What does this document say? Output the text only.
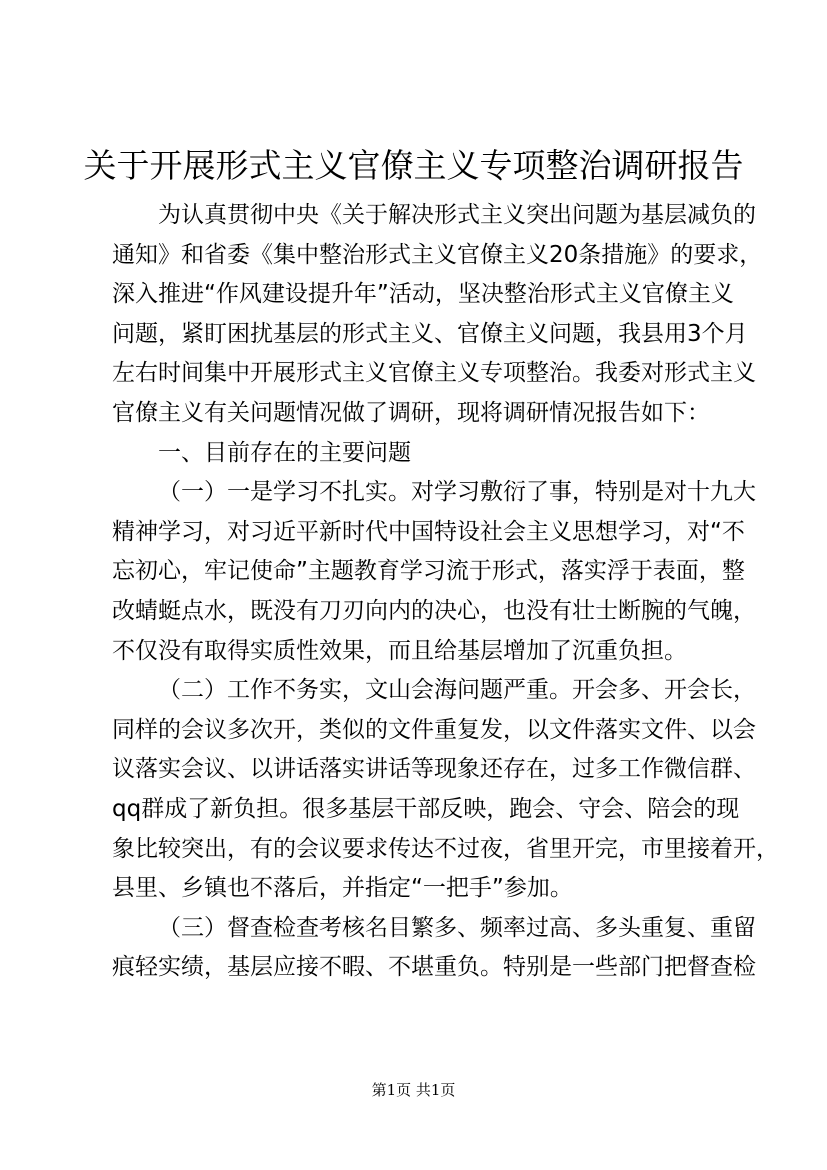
关于开展形式主义官僚主义专项整治调研报告
为认真贯彻中央《关于解决形式主义突出问题为基层减负的
通知》和省委《集中整治形式主义官僚主义20条措施》的要求，
深入推进“作风建设提升年”活动，坚决整治形式主义官僚主义
问题，紧盯困扰基层的形式主义、官僚主义问题，我县用3个月
左右时间集中开展形式主义官僚主义专项整治。我委对形式主义
官僚主义有关问题情况做了调研，现将调研情况报告如下：
一、目前存在的主要问题
（一）一是学习不扎实。对学习敷衍了事，特别是对十九大
精神学习，对习近平新时代中国特设社会主义思想学习，对“不
忘初心，牢记使命”主题教育学习流于形式，落实浮于表面，整
改蜻蜓点水，既没有刀刃向内的决心，也没有壮士断腕的气魄，
不仅没有取得实质性效果，而且给基层增加了沉重负担。
（二）工作不务实，文山会海问题严重。开会多、开会长，
同样的会议多次开，类似的文件重复发，以文件落实文件、以会
议落实会议、以讲话落实讲话等现象还存在，过多工作微信群、
qq群成了新负担。很多基层干部反映，跑会、守会、陪会的现
象比较突出，有的会议要求传达不过夜，省里开完，市里接着开，
县里、乡镇也不落后，并指定“一把手”参加。
（三）督查检查考核名目繁多、频率过高、多头重复、重留
痕轻实绩，基层应接不暇、不堪重负。特别是一些部门把督查检
第1页 共1页
